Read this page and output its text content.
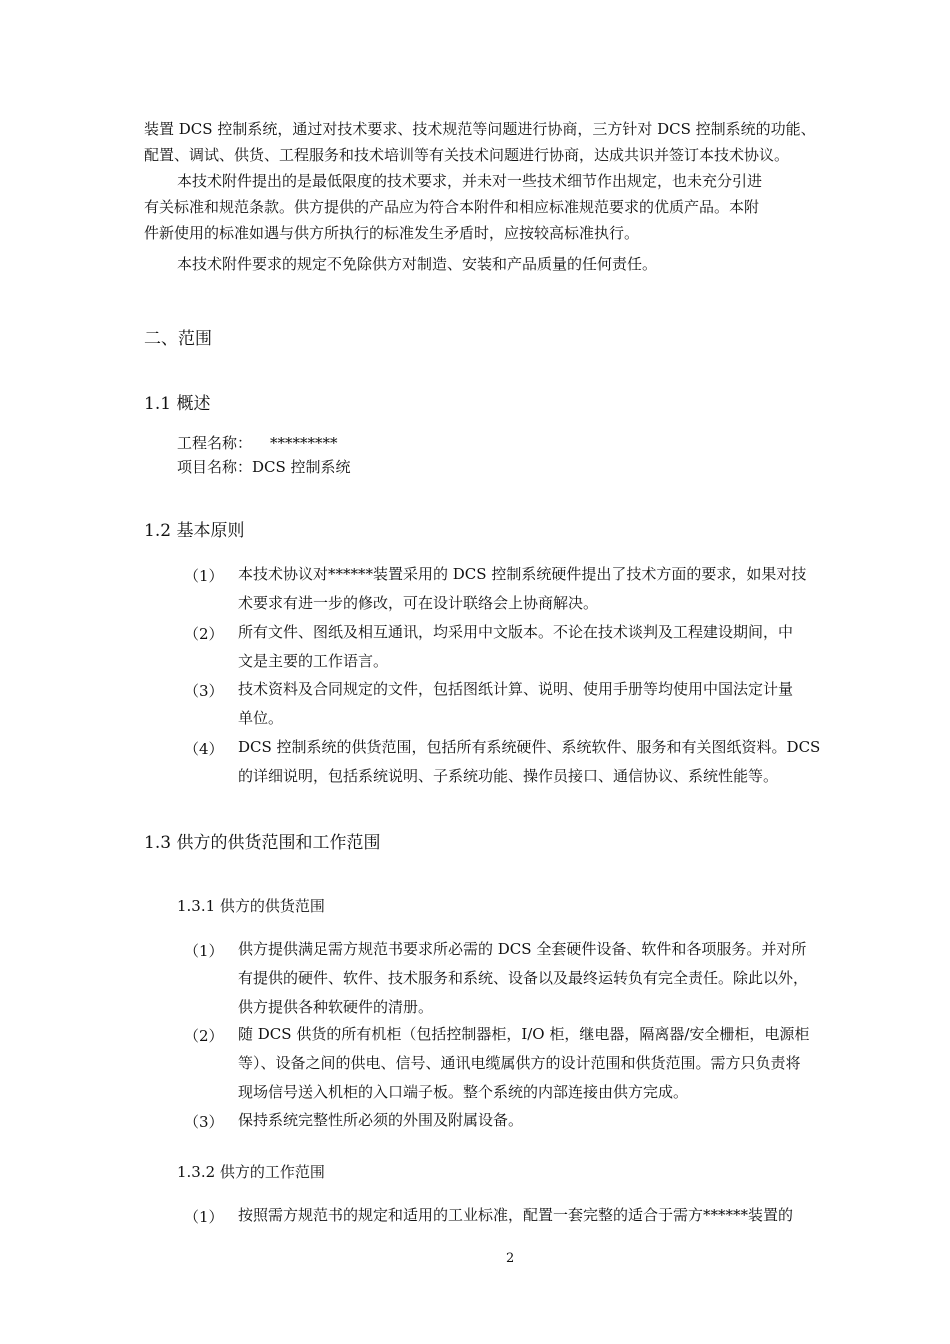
装置 DCS 控制系统，通过对技术要求、技术规范等问题进行协商，三方针对 DCS 控制系统的功能、
配置、调试、供货、工程服务和技术培训等有关技术问题进行协商，达成共识并签订本技术协议。
本技术附件提出的是最低限度的技术要求，并未对一些技术细节作出规定，也未充分引进
有关标准和规范条款。供方提供的产品应为符合本附件和相应标准规范要求的优质产品。本附
件新使用的标准如遇与供方所执行的标准发生矛盾时，应按较高标准执行。
本技术附件要求的规定不免除供方对制造、安装和产品质量的任何责任。
二、范围
1.1 概述
工程名称： *********
项目名称：DCS 控制系统
1.2 基本原则
（1） 本技术协议对******装置采用的 DCS 控制系统硬件提出了技术方面的要求，如果对技
术要求有进一步的修改，可在设计联络会上协商解决。
（2） 所有文件、图纸及相互通讯，均采用中文版本。不论在技术谈判及工程建设期间，中
文是主要的工作语言。
（3） 技术资料及合同规定的文件，包括图纸计算、说明、使用手册等均使用中国法定计量
单位。
（4） DCS 控制系统的供货范围，包括所有系统硬件、系统软件、服务和有关图纸资料。DCS
的详细说明，包括系统说明、子系统功能、操作员接口、通信协议、系统性能等。
1.3 供方的供货范围和工作范围
1.3.1 供方的供货范围
（1） 供方提供满足需方规范书要求所必需的 DCS 全套硬件设备、软件和各项服务。并对所
有提供的硬件、软件、技术服务和系统、设备以及最终运转负有完全责任。除此以外，
供方提供各种软硬件的清册。
（2） 随 DCS 供货的所有机柜（包括控制器柜，I/O 柜，继电器，隔离器/安全栅柜，电源柜
等）、设备之间的供电、信号、通讯电缆属供方的设计范围和供货范围。需方只负责将
现场信号送入机柜的入口端子板。整个系统的内部连接由供方完成。
（3） 保持系统完整性所必须的外围及附属设备。
1.3.2 供方的工作范围
（1） 按照需方规范书的规定和适用的工业标准，配置一套完整的适合于需方******装置的
2
